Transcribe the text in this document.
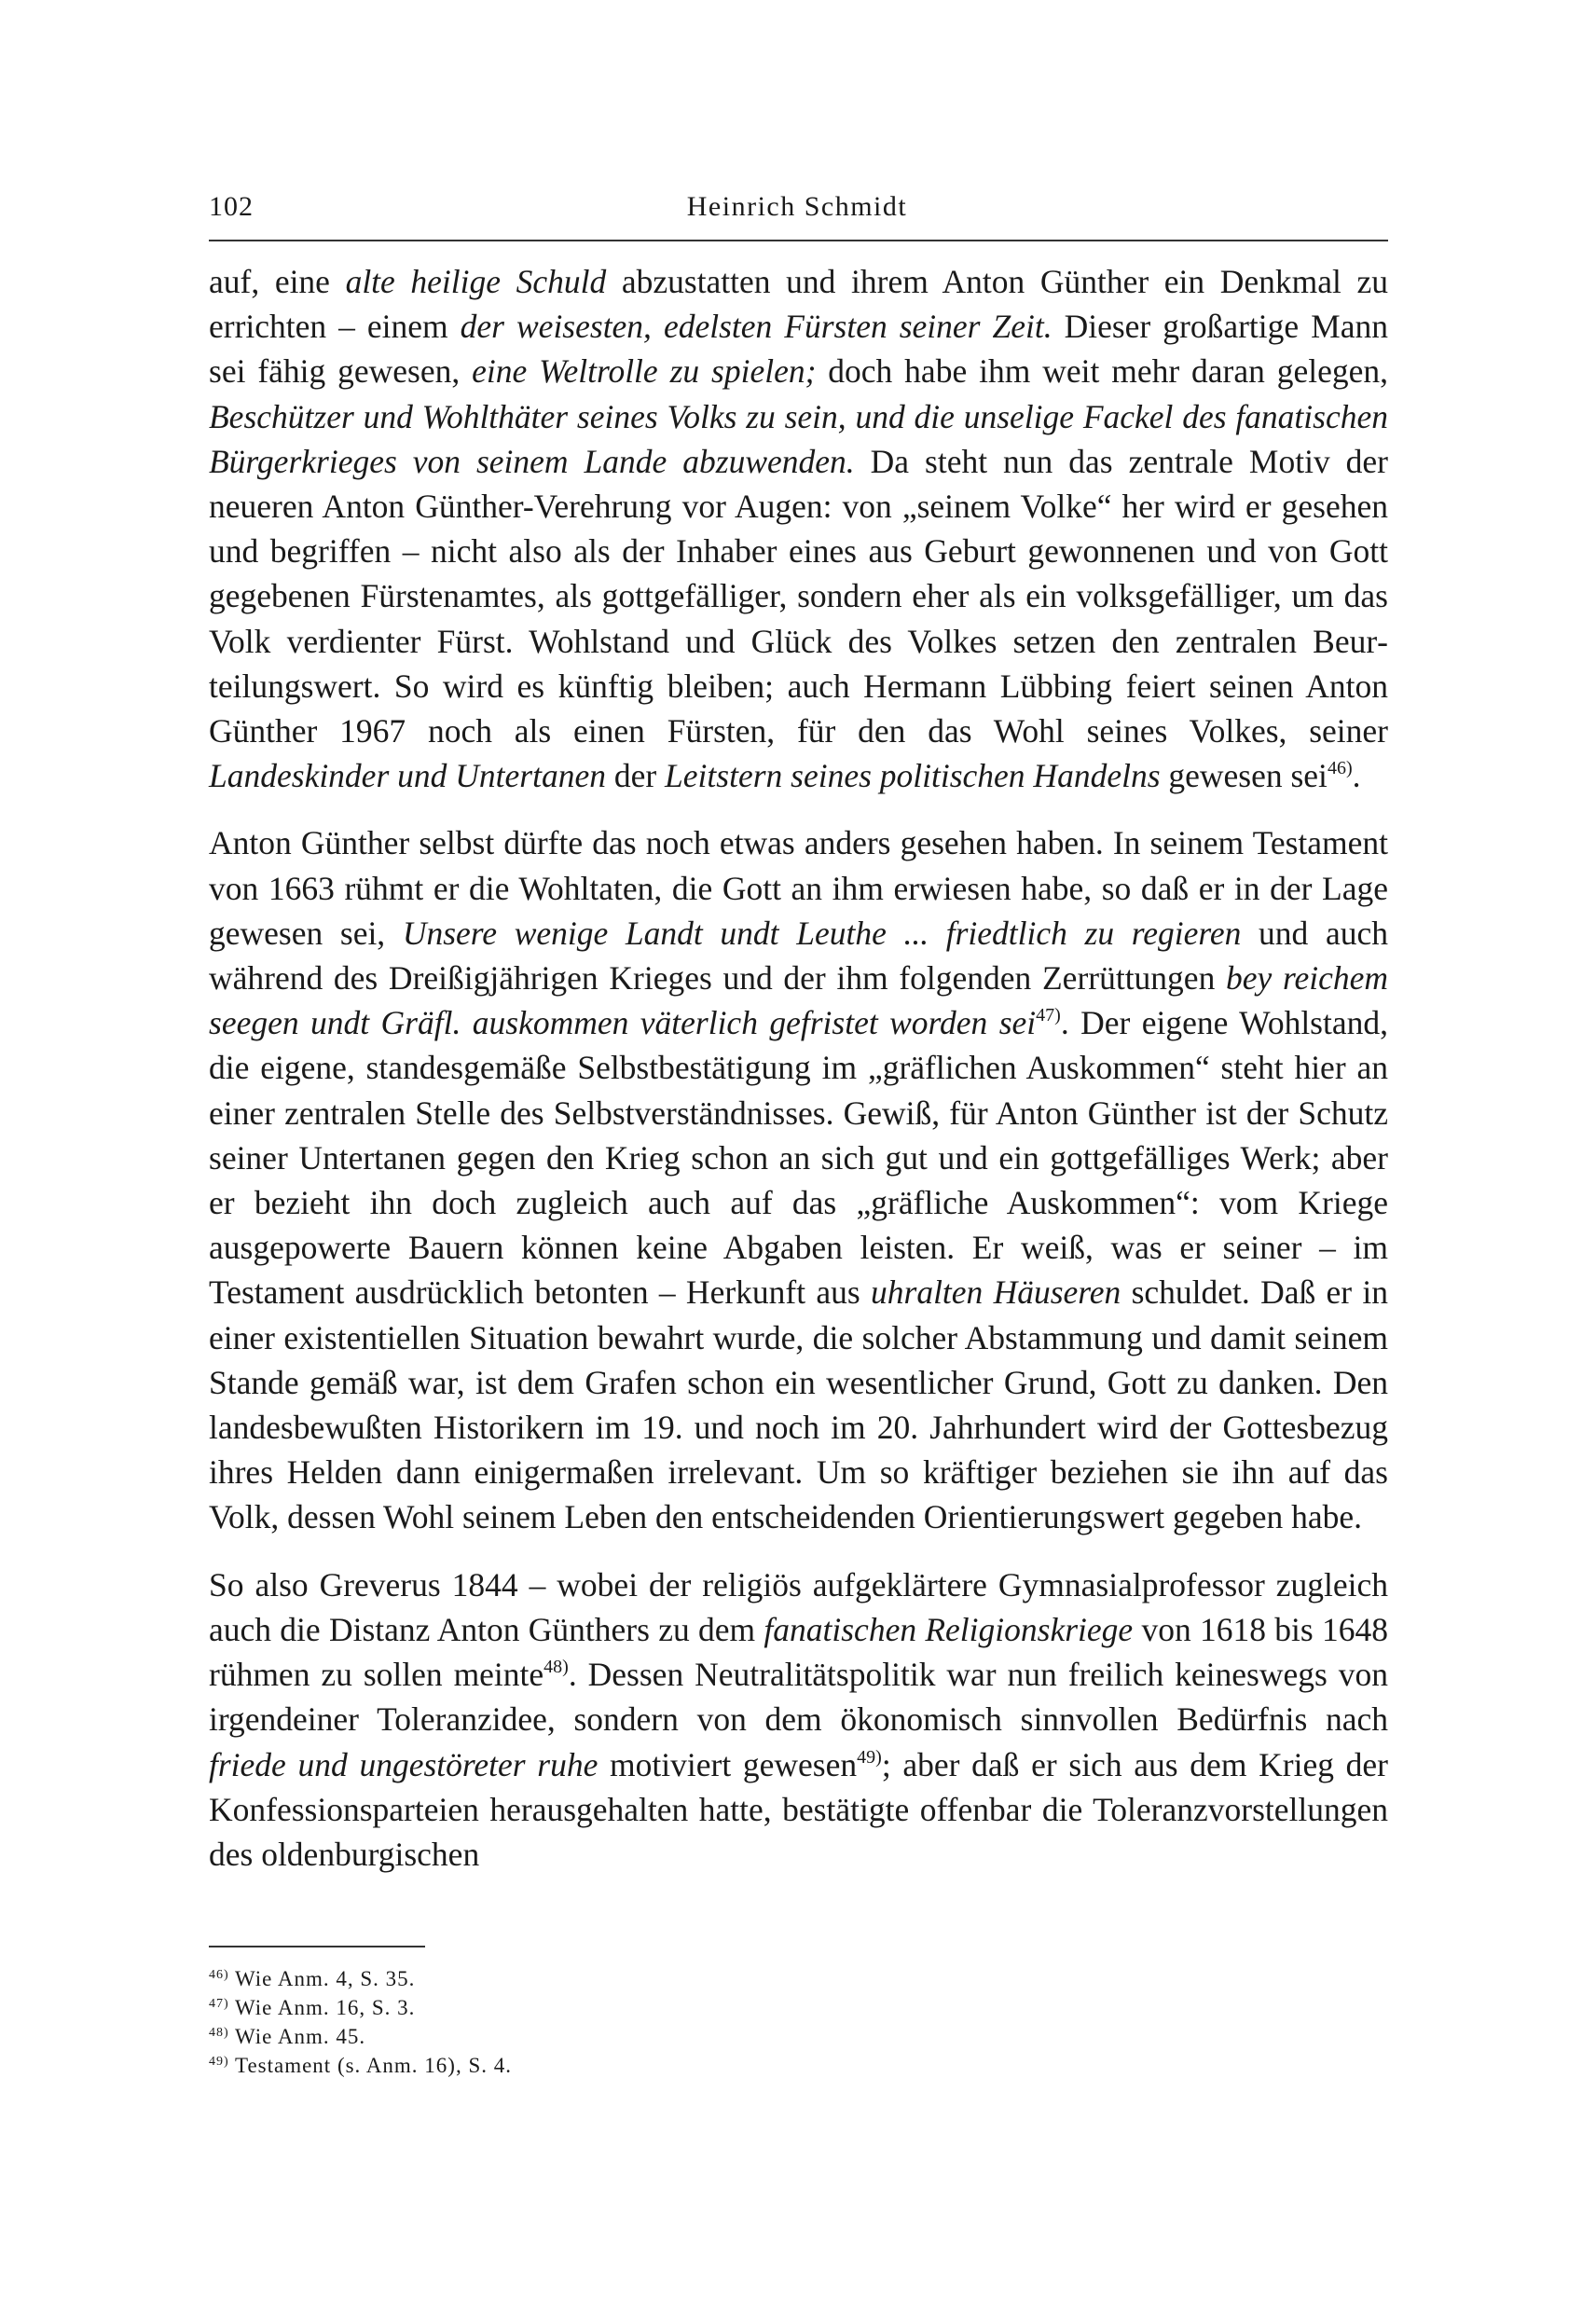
102	Heinrich Schmidt

auf, eine alte heilige Schuld abzustatten und ihrem Anton Günther ein Denkmal zu errichten – einem der weisesten, edelsten Fürsten seiner Zeit. Dieser großartige Mann sei fähig gewesen, eine Weltrolle zu spielen; doch habe ihm weit mehr daran gelegen, Beschützer und Wohlthäter seines Volks zu sein, und die unselige Fackel des fanatischen Bürgerkrieges von seinem Lande abzuwenden. Da steht nun das zentrale Motiv der neueren Anton Günther-Verehrung vor Augen: von „seinem Volke“ her wird er gesehen und begriffen – nicht also als der Inhaber eines aus Geburt gewonnenen und von Gott gegebenen Fürstenamtes, als gottgefälliger, sondern eher als ein volksgefälliger, um das Volk verdienter Fürst. Wohlstand und Glück des Volkes setzen den zentralen Beurteilungswert. So wird es künftig bleiben; auch Hermann Lübbing feiert seinen Anton Günther 1967 noch als einen Fürsten, für den das Wohl seines Volkes, seiner Landeskinder und Untertanen der Leitstern seines politischen Handelns gewesen sei$^{46)}$.

Anton Günther selbst dürfte das noch etwas anders gesehen haben. In seinem Testament von 1663 rühmt er die Wohltaten, die Gott an ihm erwiesen habe, so daß er in der Lage gewesen sei, Unsere wenige Landt undt Leuthe ... friedtlich zu regieren und auch während des Dreißigjährigen Krieges und der ihm folgenden Zerrüttungen bey reichem seegen undt Gräfl. auskommen väterlich gefristet worden sei$^{47)}$. Der eigene Wohlstand, die eigene, standesgemäße Selbstbestätigung im „gräflichen Auskommen“ steht hier an einer zentralen Stelle des Selbstverständnisses. Gewiß, für Anton Günther ist der Schutz seiner Untertanen gegen den Krieg schon an sich gut und ein gottgefälliges Werk; aber er bezieht ihn doch zugleich auch auf das „gräfliche Auskommen“: vom Kriege ausgepowerte Bauern können keine Abgaben leisten. Er weiß, was er seiner – im Testament ausdrücklich betonten – Herkunft aus uhralten Häuseren schuldet. Daß er in einer existentiellen Situation bewahrt wurde, die solcher Abstammung und damit seinem Stande gemäß war, ist dem Grafen schon ein wesentlicher Grund, Gott zu danken. Den landesbewußten Historikern im 19. und noch im 20. Jahrhundert wird der Gottesbezug ihres Helden dann einigermaßen irrelevant. Um so kräftiger beziehen sie ihn auf das Volk, dessen Wohl seinem Leben den entscheidenden Orientierungswert gegeben habe.

So also Greverus 1844 – wobei der religiös aufgeklärtere Gymnasialprofessor zugleich auch die Distanz Anton Günthers zu dem fanatischen Religionskriege von 1618 bis 1648 rühmen zu sollen meinte$^{48)}$. Dessen Neutralitätspolitik war nun freilich keineswegs von irgendeiner Toleranzidee, sondern von dem ökonomisch sinnvollen Bedürfnis nach friede und ungestöreter ruhe motiviert gewesen$^{49)}$; aber daß er sich aus dem Krieg der Konfessionsparteien herausgehalten hatte, bestätigte offenbar die Toleranzvorstellungen des oldenburgischen

$^{46)}$ Wie Anm. 4, S. 35.
$^{47)}$ Wie Anm. 16, S. 3.
$^{48)}$ Wie Anm. 45.
$^{49)}$ Testament (s. Anm. 16), S. 4.
